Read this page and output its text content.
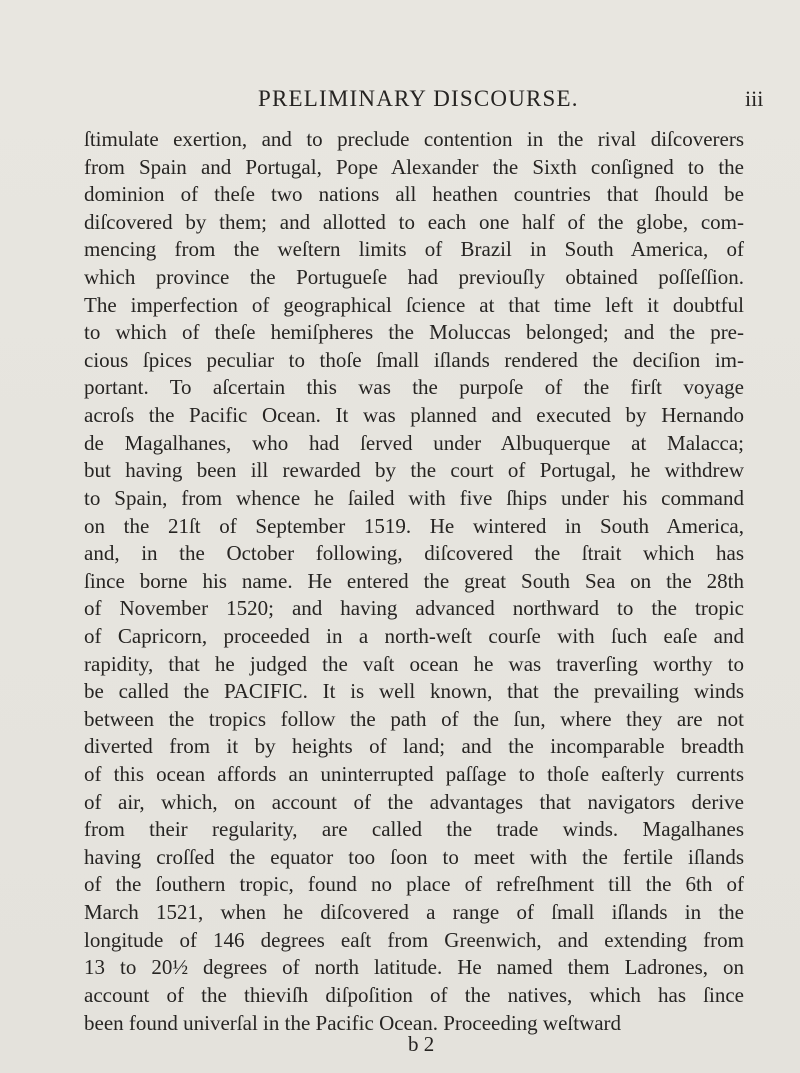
PRELIMINARY DISCOURSE.	iii
ſtimulate exertion, and to preclude contention in the rival diſcoverers
from Spain and Portugal, Pope Alexander the Sixth conſigned to the
dominion of theſe two nations all heathen countries that ſhould be
diſcovered by them; and allotted to each one half of the globe, com-
mencing from the weſtern limits of Brazil in South America, of
which province the Portugueſe had previouſly obtained poſſeſſion.
The imperfection of geographical ſcience at that time left it doubtful
to which of theſe hemiſpheres the Moluccas belonged; and the pre-
cious ſpices peculiar to thoſe ſmall iſlands rendered the deciſion im-
portant. To aſcertain this was the purpoſe of the firſt voyage
acroſs the Pacific Ocean. It was planned and executed by Hernando
de Magalhanes, who had ſerved under Albuquerque at Malacca;
but having been ill rewarded by the court of Portugal, he withdrew
to Spain, from whence he ſailed with five ſhips under his command
on the 21ſt of September 1519. He wintered in South America,
and, in the October following, diſcovered the ſtrait which has
ſince borne his name. He entered the great South Sea on the 28th
of November 1520; and having advanced northward to the tropic
of Capricorn, proceeded in a north-weſt courſe with ſuch eaſe and
rapidity, that he judged the vaſt ocean he was traverſing worthy to
be called the PACIFIC. It is well known, that the prevailing winds
between the tropics follow the path of the ſun, where they are not
diverted from it by heights of land; and the incomparable breadth
of this ocean affords an uninterrupted paſſage to thoſe eaſterly currents
of air, which, on account of the advantages that navigators derive
from their regularity, are called the trade winds. Magalhanes
having croſſed the equator too ſoon to meet with the fertile iſlands
of the ſouthern tropic, found no place of refreſhment till the 6th of
March 1521, when he diſcovered a range of ſmall iſlands in the
longitude of 146 degrees eaſt from Greenwich, and extending from
13 to 20½ degrees of north latitude. He named them Ladrones, on
account of the thieviſh diſpoſition of the natives, which has ſince
been found univerſal in the Pacific Ocean. Proceeding weſtward
b 2
